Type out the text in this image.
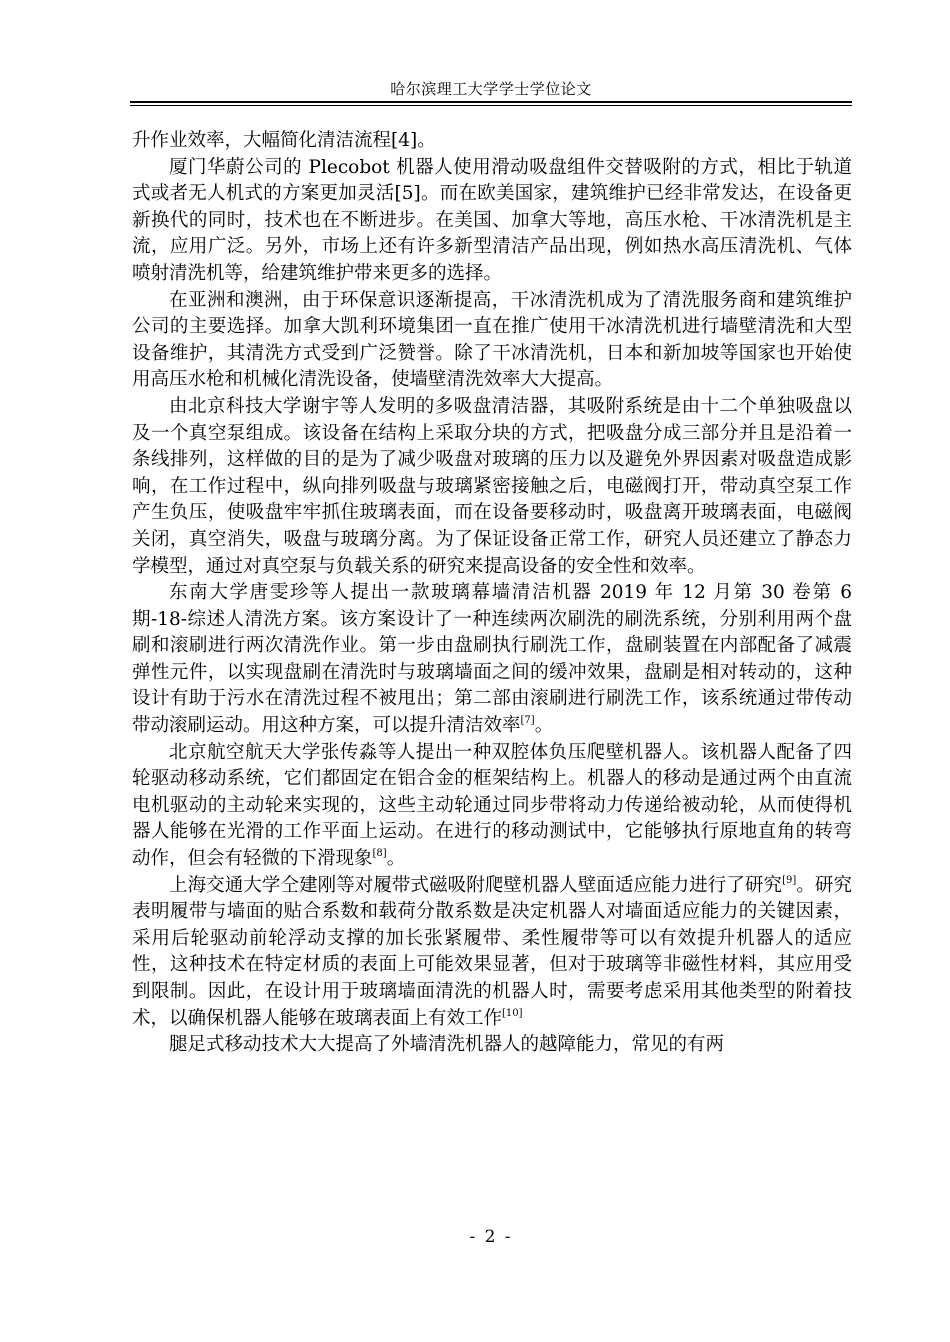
哈尔滨理工大学学士学位论文

升作业效率，大幅简化清洁流程[4]。

厦门华蔚公司的 Plecobot 机器人使用滑动吸盘组件交替吸附的方式，相比于轨道式或者无人机式的方案更加灵活[5]。而在欧美国家，建筑维护已经非常发达，在设备更新换代的同时，技术也在不断进步。在美国、加拿大等地，高压水枪、干冰清洗机是主流，应用广泛。另外，市场上还有许多新型清洁产品出现，例如热水高压清洗机、气体喷射清洗机等，给建筑维护带来更多的选择。

在亚洲和澳洲，由于环保意识逐渐提高，干冰清洗机成为了清洗服务商和建筑维护公司的主要选择。加拿大凯利环境集团一直在推广使用干冰清洗机进行墙壁清洗和大型设备维护，其清洗方式受到广泛赞誉。除了干冰清洗机，日本和新加坡等国家也开始使用高压水枪和机械化清洗设备，使墙壁清洗效率大大提高。

由北京科技大学谢宇等人发明的多吸盘清洁器，其吸附系统是由十二个单独吸盘以及一个真空泵组成。该设备在结构上采取分块的方式，把吸盘分成三部分并且是沿着一条线排列，这样做的目的是为了减少吸盘对玻璃的压力以及避免外界因素对吸盘造成影响，在工作过程中，纵向排列吸盘与玻璃紧密接触之后，电磁阀打开，带动真空泵工作产生负压，使吸盘牢牢抓住玻璃表面，而在设备要移动时，吸盘离开玻璃表面，电磁阀关闭，真空消失，吸盘与玻璃分离。为了保证设备正常工作，研究人员还建立了静态力学模型，通过对真空泵与负载关系的研究来提高设备的安全性和效率。

东南大学唐雯珍等人提出一款玻璃幕墙清洁机器 2019 年 12 月第 30 卷第 6 期-18-综述人清洗方案。该方案设计了一种连续两次刷洗的刷洗系统，分别利用两个盘刷和滚刷进行两次清洗作业。第一步由盘刷执行刷洗工作，盘刷装置在内部配备了减震弹性元件，以实现盘刷在清洗时与玻璃墙面之间的缓冲效果，盘刷是相对转动的，这种设计有助于污水在清洗过程不被甩出；第二部由滚刷进行刷洗工作，该系统通过带传动带动滚刷运动。用这种方案，可以提升清洁效率[7]。

北京航空航天大学张传淼等人提出一种双腔体负压爬壁机器人。该机器人配备了四轮驱动移动系统，它们都固定在铝合金的框架结构上。机器人的移动是通过两个由直流电机驱动的主动轮来实现的，这些主动轮通过同步带将动力传递给被动轮，从而使得机器人能够在光滑的工作平面上运动。在进行的移动测试中，它能够执行原地直角的转弯动作，但会有轻微的下滑现象[8]。

上海交通大学仝建刚等对履带式磁吸附爬壁机器人壁面适应能力进行了研究[9]。研究表明履带与墙面的贴合系数和载荷分散系数是决定机器人对墙面适应能力的关键因素，采用后轮驱动前轮浮动支撑的加长张紧履带、柔性履带等可以有效提升机器人的适应性，这种技术在特定材质的表面上可能效果显著，但对于玻璃等非磁性材料，其应用受到限制。因此，在设计用于玻璃墙面清洗的机器人时，需要考虑采用其他类型的附着技术，以确保机器人能够在玻璃表面上有效工作[10]

腿足式移动技术大大提高了外墙清洗机器人的越障能力，常见的有两

- 2 -
